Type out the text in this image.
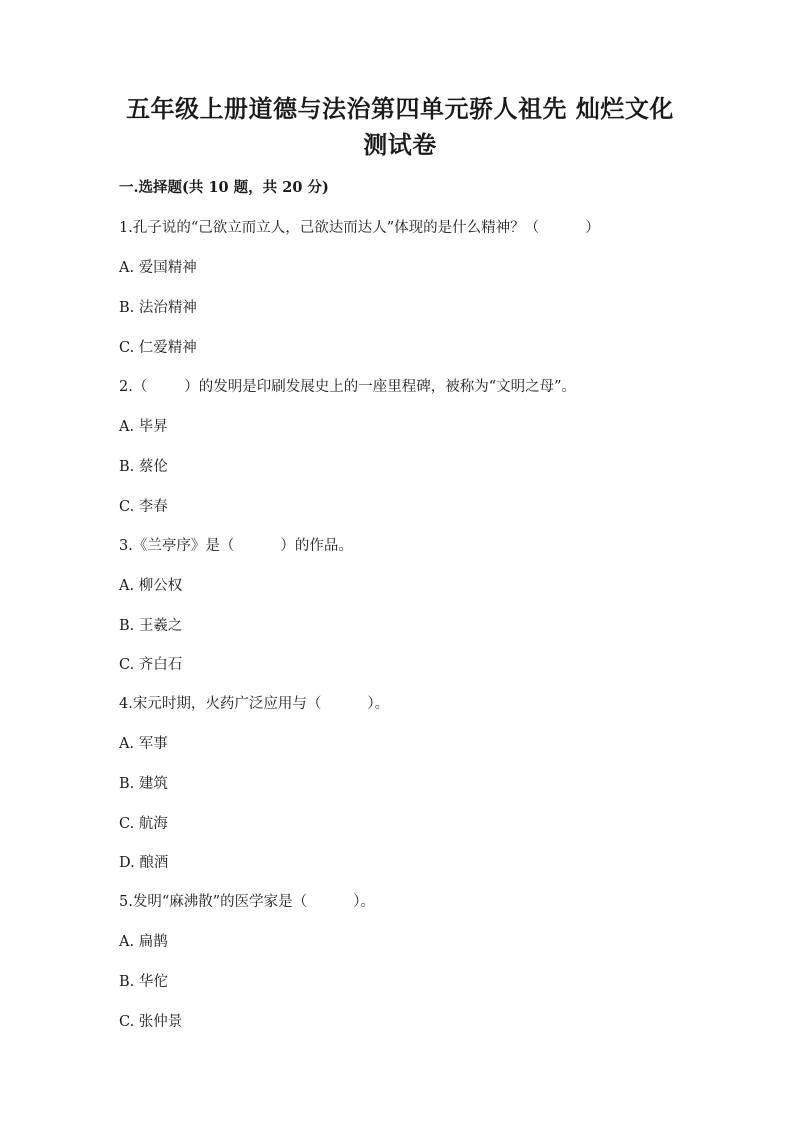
五年级上册道德与法治第四单元骄人祖先 灿烂文化
测试卷
一.选择题(共 10 题，共 20 分)
1.孔子说的“己欲立而立人，己欲达而达人”体现的是什么精神？（          ）
A. 爱国精神
B. 法治精神
C. 仁爱精神
2.（        ）的发明是印刷发展史上的一座里程碑，被称为“文明之母”。
A. 毕昇
B. 蔡伦
C. 李春
3.《兰亭序》是（          ）的作品。
A. 柳公权
B. 王羲之
C. 齐白石
4.宋元时期，火药广泛应用与（          ）。
A. 军事
B. 建筑
C. 航海
D. 酿酒
5.发明“麻沸散”的医学家是（          ）。
A. 扁鹊
B. 华佗
C. 张仲景
